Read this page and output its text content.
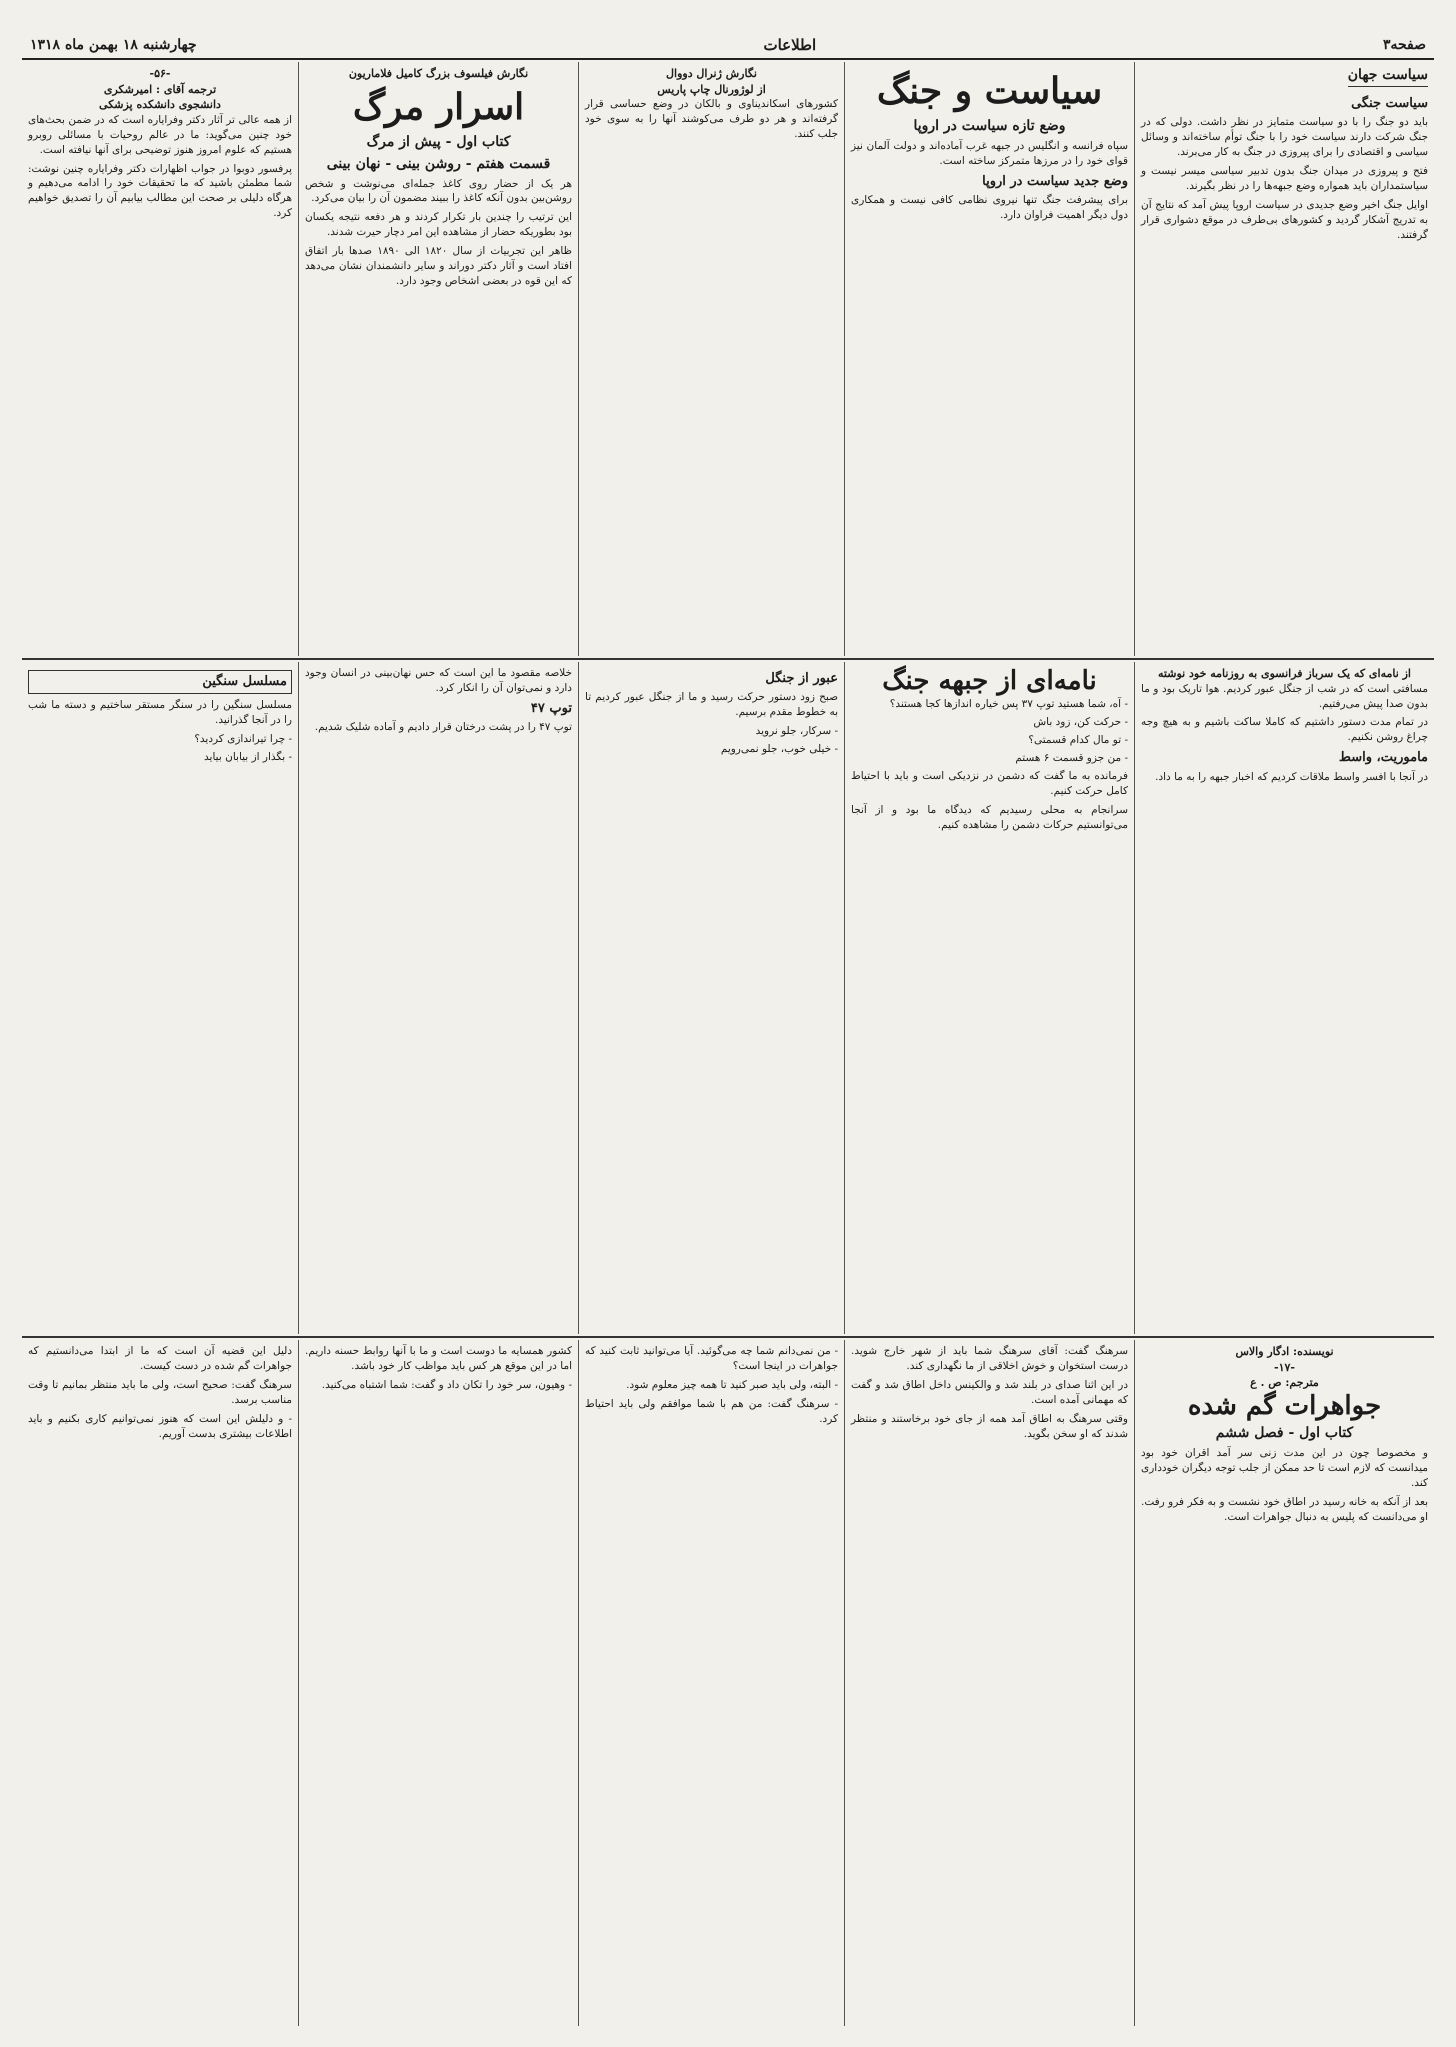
صفحه۳
اطلاعات
چهارشنبه ۱۸ بهمن ماه ۱۳۱۸
سیاست جهان
سیاست جنگی

باید دو جنگ را با دو سیاست متمایز در نظر داشت. دولی که در جنگ شرکت دارند سیاست خود را با جنگ توأم ساخته‌اند و وسائل سیاسی و اقتصادی را برای پیروزی در جنگ به کار می‌برند.

فتح و پیروزی در میدان جنگ بدون تدبیر سیاسی میسر نیست و سیاستمداران باید همواره وضع جبهه‌ها را در نظر بگیرند.

اوایل جنگ اخیر وضع جدیدی در سیاست اروپا پیش آمد که نتایج آن به تدریج آشکار گردید و کشورهای بی‌طرف در موقع دشواری قرار گرفتند.

سیاست و جنگ
وضع تازه سیاست در اروپا

سپاه فرانسه و انگلیس در جبهه غرب آماده‌اند و دولت آلمان نیز قوای خود را در مرزها متمرکز ساخته است.

وضع جدید سیاست در اروپا

برای پیشرفت جنگ تنها نیروی نظامی کافی نیست و همکاری دول دیگر اهمیت فراوان دارد.

نگارش ژنرال دووال
از لوژورنال چاپ پاریس

کشورهای اسکاندیناوی و بالکان در وضع حساسی قرار گرفته‌اند و هر دو طرف می‌کوشند آنها را به سوی خود جلب کنند.

نگارش فیلسوف بزرگ کامیل فلاماریون
اسرار مرگ
کتاب اول - پیش از مرگ
قسمت هفتم - روشن بینی - نهان بینی

هر یک از حضار روی کاغذ جمله‌ای می‌نوشت و شخص روشن‌بین بدون آنکه کاغذ را ببیند مضمون آن را بیان می‌کرد.

این ترتیب را چندین بار تکرار کردند و هر دفعه نتیجه یکسان بود بطوریکه حضار از مشاهده این امر دچار حیرت شدند.

ظاهر این تجربیات از سال ۱۸۲۰ الی ۱۸۹۰ صدها بار اتفاق افتاد است و آثار دکتر دوراند و سایر دانشمندان نشان می‌دهد که این قوه در بعضی اشخاص وجود دارد.

-۵۶-
ترجمه آقای : امیرشکری
دانشجوی دانشکده پزشکی

از همه عالی تر آثار دکتر وفرایاره است که در ضمن بحث‌های خود چنین می‌گوید: ما در عالم روحیات با مسائلی روبرو هستیم که علوم امروز هنوز توضیحی برای آنها نیافته است.

پرفسور دوبوا در جواب اظهارات دکتر وفرایاره چنین نوشت: شما مطمئن باشید که ما تحقیقات خود را ادامه می‌دهیم و هرگاه دلیلی بر صحت این مطالب بیابیم آن را تصدیق خواهیم کرد.

از نامه‌ای که یک سرباز فرانسوی به روزنامه خود نوشته

مسافتی است که در شب از جنگل عبور کردیم. هوا تاریک بود و ما بدون صدا پیش می‌رفتیم.

در تمام مدت دستور داشتیم که کاملا ساکت باشیم و به هیچ وجه چراغ روشن نکنیم.

ماموریت، واسط

در آنجا با افسر واسط ملاقات کردیم که اخبار جبهه را به ما داد.

نامه‌ای از جبهه جنگ
- آه، شما هستید توپ ۳۷ پس خیاره اندازها کجا هستند؟
- حرکت کن، زود باش
- تو مال کدام قسمتی؟
- من جزو قسمت ۶ هستم

فرمانده به ما گفت که دشمن در نزدیکی است و باید با احتیاط کامل حرکت کنیم.

سرانجام به محلی رسیدیم که دیدگاه ما بود و از آنجا می‌توانستیم حرکات دشمن را مشاهده کنیم.

عبور از جنگل

صبح زود دستور حرکت رسید و ما از جنگل عبور کردیم تا به خطوط مقدم برسیم.

- سرکار، جلو نروید
- خیلی خوب، جلو نمی‌رویم

خلاصه مقصود ما این است که حس نهان‌بینی در انسان وجود دارد و نمی‌توان آن را انکار کرد.

توپ ۴۷

توپ ۴۷ را در پشت درختان قرار دادیم و آماده شلیک شدیم.

مسلسل سنگین

مسلسل سنگین را در سنگر مستقر ساختیم و دسته ما شب را در آنجا گذرانید.

- چرا تیراندازی کردید؟
- بگذار از بیابان بیاید
نویسنده: ادگار والاس
-۱۷-
مترجم: ص . ع
جواهرات گم شده
کتاب اول - فصل ششم

و مخصوصا چون در این مدت زنی سر آمد اقران خود بود میدانست که لازم است تا حد ممکن از جلب توجه دیگران خودداری کند.

بعد از آنکه به خانه رسید در اطاق خود نشست و به فکر فرو رفت. او می‌دانست که پلیس به دنبال جواهرات است.

سرهنگ گفت: آقای سرهنگ شما باید از شهر خارج شوید. درست استخوان و خوش اخلاقی از ما نگهداری کند.

در این اثنا صدای در بلند شد و والکینس داخل اطاق شد و گفت که مهمانی آمده است.

وقتی سرهنگ به اطاق آمد همه از جای خود برخاستند و منتظر شدند که او سخن بگوید.

- من نمی‌دانم شما چه می‌گوئید. آیا می‌توانید ثابت کنید که جواهرات در اینجا است؟

- البته، ولی باید صبر کنید تا همه چیز معلوم شود.

- سرهنگ گفت: من هم با شما موافقم ولی باید احتیاط کرد.

کشور همسایه ما دوست است و ما با آنها روابط حسنه داریم. اما در این موقع هر کس باید مواظب کار خود باشد.

- وهیون، سر خود را تکان داد و گفت: شما اشتباه می‌کنید.

دلیل این قضیه آن است که ما از ابتدا می‌دانستیم که جواهرات گم شده در دست کیست.

سرهنگ گفت: صحیح است، ولی ما باید منتظر بمانیم تا وقت مناسب برسد.

- و دلیلش این است که هنوز نمی‌توانیم کاری بکنیم و باید اطلاعات بیشتری بدست آوریم.
